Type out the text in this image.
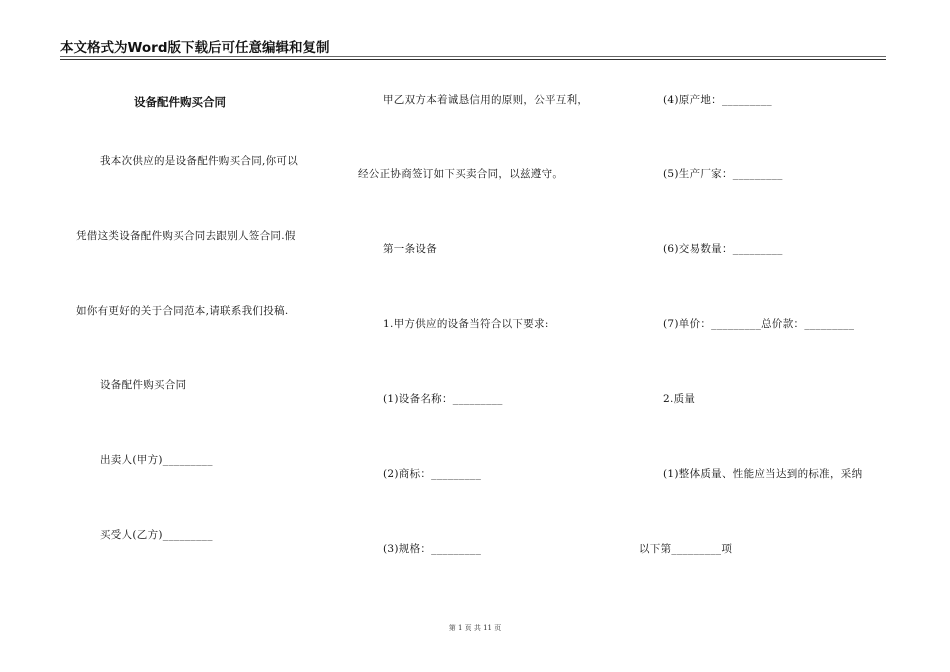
本文格式为Word版下载后可任意编辑和复制
设备配件购买合同
我本次供应的是设备配件购买合同,你可以
凭借这类设备配件购买合同去跟别人签合同.假
如你有更好的关于合同范本,请联系我们投稿.
设备配件购买合同
出卖人(甲方)_________
买受人(乙方)_________
甲乙双方本着诚恳信用的原则，公平互利，
经公正协商签订如下买卖合同，以兹遵守。
第一条设备
1.甲方供应的设备当符合以下要求:
(1)设备名称：_________
(2)商标：_________
(3)规格：_________
(4)原产地：_________
(5)生产厂家：_________
(6)交易数量：_________
(7)单价：_________总价款：_________
2.质量
(1)整体质量、性能应当达到的标准，采纳
以下第_________项
第 1 页 共 11 页
